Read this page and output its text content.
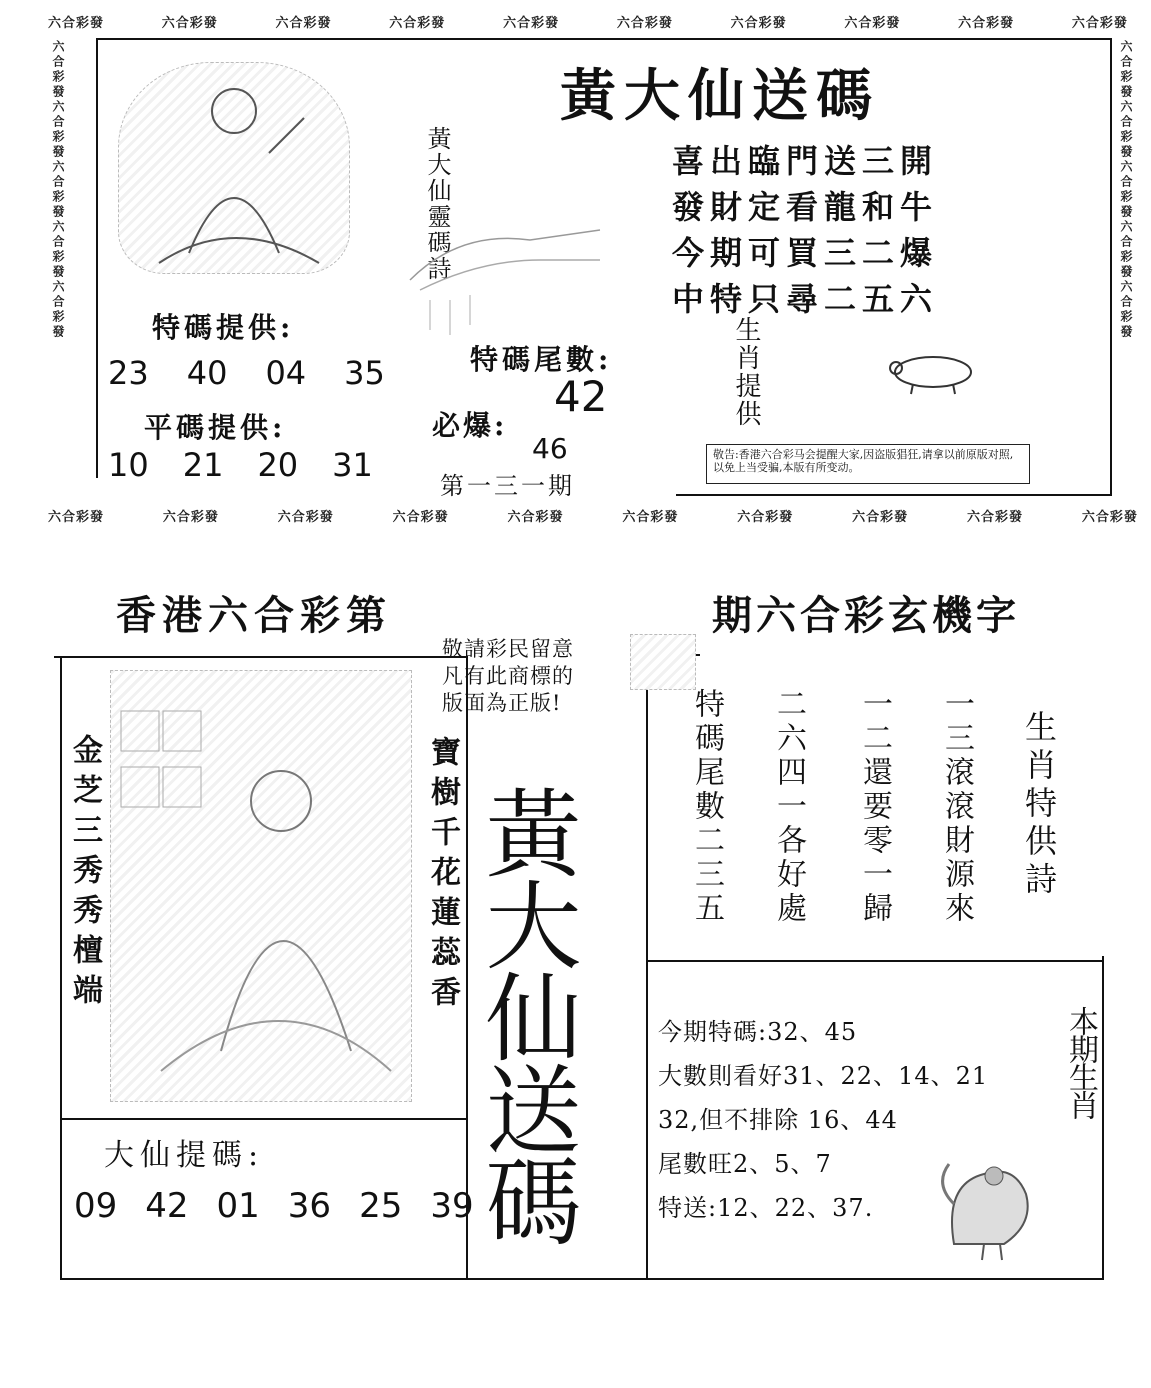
六合彩發	六合彩發	六合彩發	六合彩發	六合彩發	六合彩發	六合彩發	六合彩發	六合彩發	六合彩發
六合彩發	六合彩發	六合彩發	六合彩發	六合彩發	六合彩發	六合彩發	六合彩發	六合彩發	六合彩發
六合彩發六合彩發六合彩發六合彩發六合彩發	六合彩發六合彩發六合彩發六合彩發六合彩發
黃大仙送碼
黃大仙靈碼詩	喜出臨門送三開
發財定看龍和牛
今期可買三二爆
中特只尋二五六
生肖提供
特碼提供:
23 40 04 35
平碼提供:
10 21 20 31
特碼尾數:
42
必爆:
46
第一三一期
敬告:香港六合彩马会提醒大家,因盗版猖狂,请拿以前原版对照,以免上当受骗,本版有所变动。
香港六合彩第	期六合彩玄機字
金芝三秀秀檀端	寶樹千花蓮蕊香
大仙提碼:
09 42 01 36 25 39
敬請彩民留意
凡有此商標的
版面為正版!
黃大仙送碼	生肖特供詩
一三滾滾財源來
一二還要零一歸
二六四一各好處
特碼尾數二三五
今期特碼:32、45
大數則看好31、22、14、21
32,但不排除 16、44
尾數旺2、5、7
特送:12、22、37.
本期生肖
